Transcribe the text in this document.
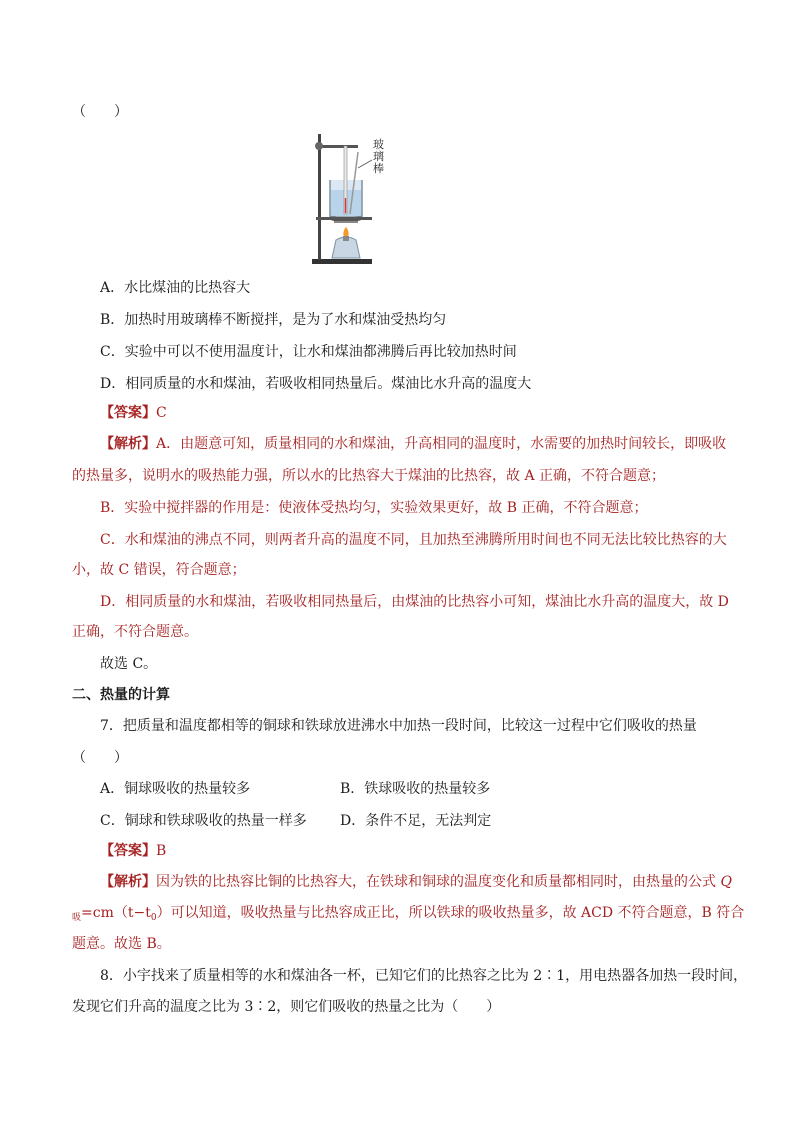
（　　）
玻璃棒
A．水比煤油的比热容大
B．加热时用玻璃棒不断搅拌，是为了水和煤油受热均匀
C．实验中可以不使用温度计，让水和煤油都沸腾后再比较加热时间
D．相同质量的水和煤油，若吸收相同热量后。煤油比水升高的温度大
【答案】C
【解析】A．由题意可知，质量相同的水和煤油，升高相同的温度时，水需要的加热时间较长，即吸收
的热量多，说明水的吸热能力强，所以水的比热容大于煤油的比热容，故 A 正确，不符合题意；
B．实验中搅拌器的作用是：使液体受热均匀，实验效果更好，故 B 正确，不符合题意；
C．水和煤油的沸点不同，则两者升高的温度不同，且加热至沸腾所用时间也不同无法比较比热容的大
小，故 C 错误，符合题意；
D．相同质量的水和煤油，若吸收相同热量后，由煤油的比热容小可知，煤油比水升高的温度大，故 D
正确，不符合题意。
故选 C。
二、热量的计算
7．把质量和温度都相等的铜球和铁球放进沸水中加热一段时间，比较这一过程中它们吸收的热量
（　　）
A．铜球吸收的热量较多	B．铁球吸收的热量较多
C．铜球和铁球吸收的热量一样多 D．条件不足，无法判定
【答案】B
【解析】因为铁的比热容比铜的比热容大，在铁球和铜球的温度变化和质量都相同时，由热量的公式 Q
$_吸=cm(t-t_0)$可以知道，吸收热量与比热容成正比，所以铁球的吸收热量多，故 ACD 不符合题意，B 符合
题意。故选 B。
8．小宇找来了质量相等的水和煤油各一杯，已知它们的比热容之比为 2∶1，用电热器各加热一段时间，
发现它们升高的温度之比为 3∶2，则它们吸收的热量之比为（　　）
